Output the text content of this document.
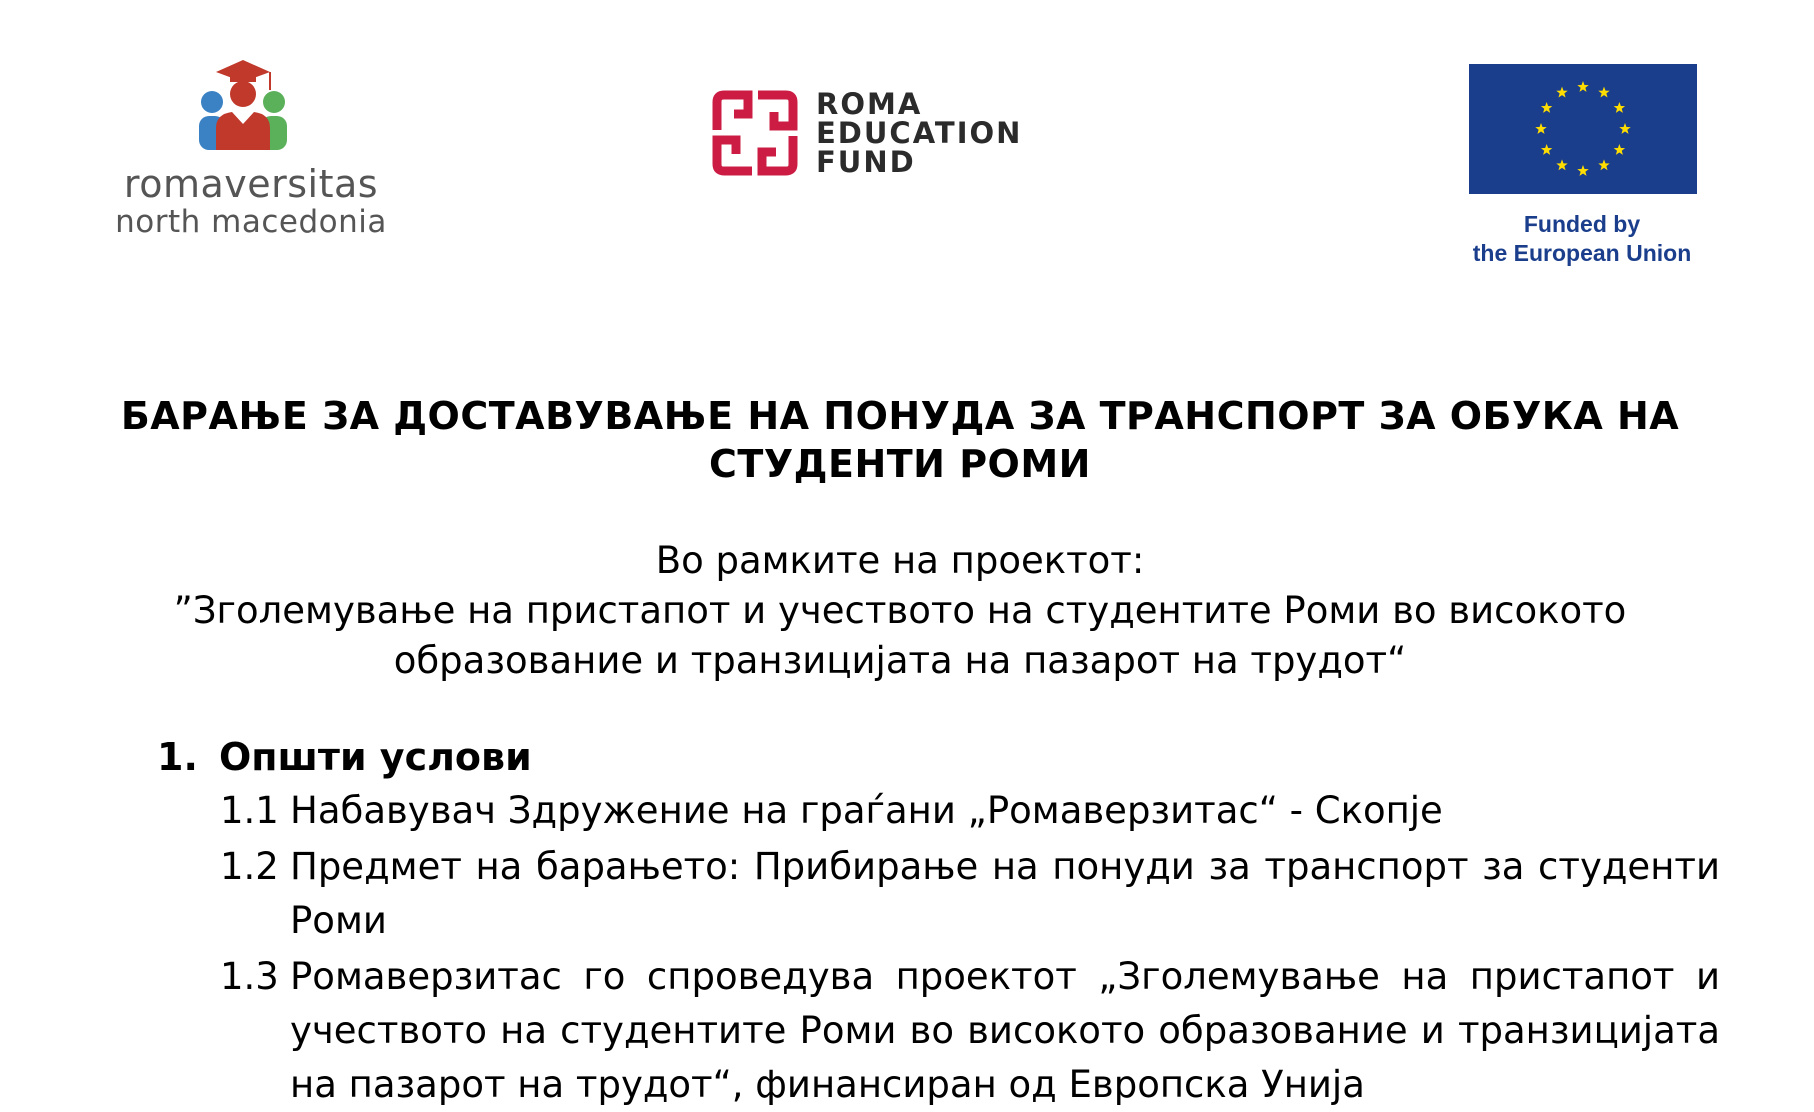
romaversitas
north macedonia
ROMA
EDUCATION
FUND
Funded by
the European Union
БАРАЊЕ ЗА ДОСТАВУВАЊЕ НА ПОНУДА ЗА ТРАНСПОРТ ЗА ОБУКА НА
СТУДЕНТИ РОМИ
Во рамките на проектот:
”Зголемување на пристапот и учеството на студентите Роми во високото
образование и транзицијата на пазарот на трудот“
1. Општи услови
1.1 Набавувач Здружение на граѓани „Ромаверзитас“ - Скопје
1.2 Предмет на барањето: Прибирање на понуди за транспорт за студенти Роми
1.3 Ромаверзитас го спроведува проектот „Зголемување на пристапот и учеството на студентите Роми во високото образование и транзицијата на пазарот на трудот“, финансиран од Европска Унија
